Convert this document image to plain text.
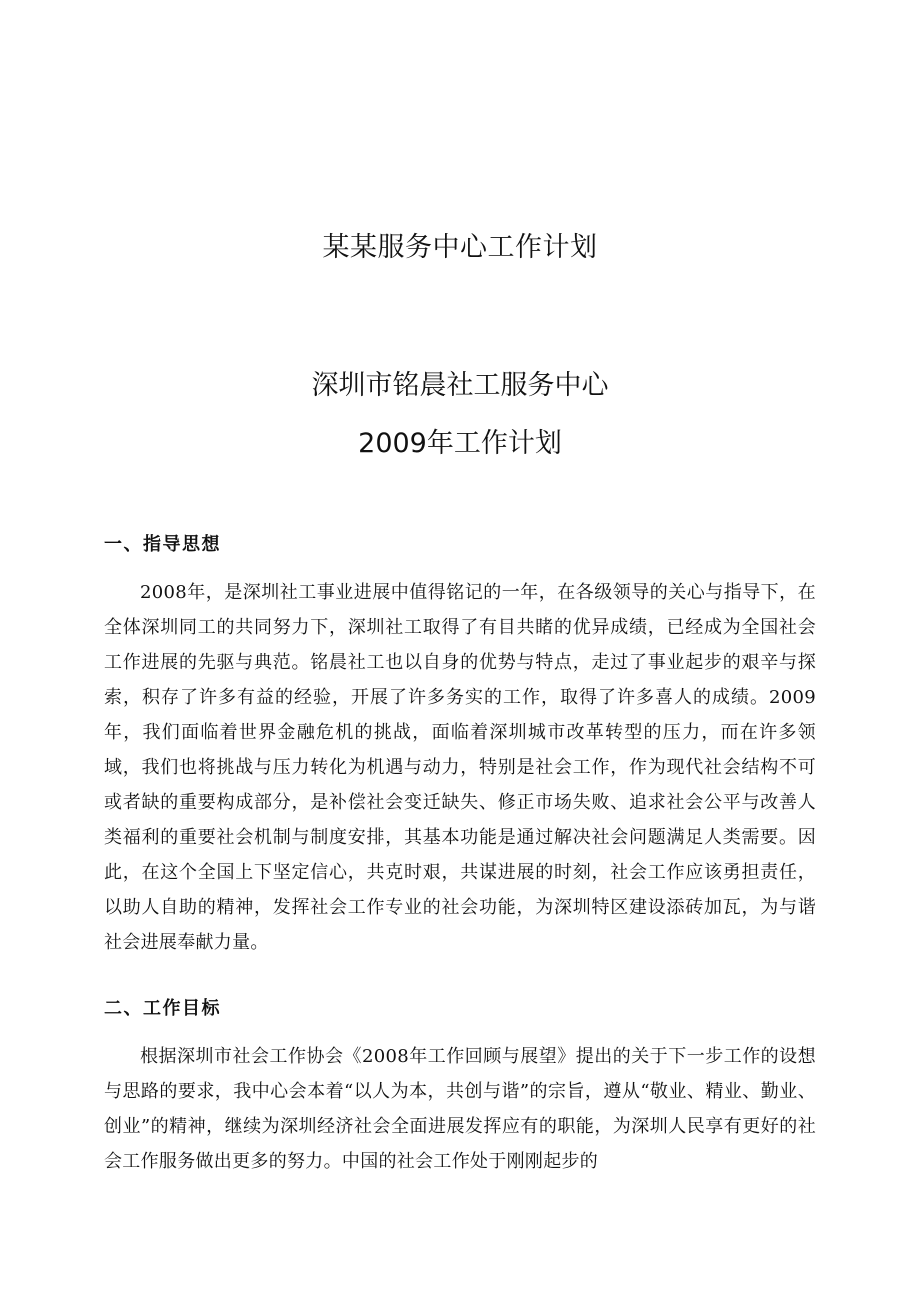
某某服务中心工作计划
深圳市铭晨社工服务中心
2009年工作计划
一、指导思想

2008年，是深圳社工事业进展中值得铭记的一年，在各级领导的关心与指导下，在全体深圳同工的共同努力下，深圳社工取得了有目共睹的优异成绩，已经成为全国社会工作进展的先驱与典范。铭晨社工也以自身的优势与特点，走过了事业起步的艰辛与探索，积存了许多有益的经验，开展了许多务实的工作，取得了许多喜人的成绩。2009年，我们面临着世界金融危机的挑战，面临着深圳城市改革转型的压力，而在许多领域，我们也将挑战与压力转化为机遇与动力，特别是社会工作，作为现代社会结构不可或者缺的重要构成部分，是补偿社会变迁缺失、修正市场失败、追求社会公平与改善人类福利的重要社会机制与制度安排，其基本功能是通过解决社会问题满足人类需要。因此，在这个全国上下坚定信心，共克时艰，共谋进展的时刻，社会工作应该勇担责任，以助人自助的精神，发挥社会工作专业的社会功能，为深圳特区建设添砖加瓦，为与谐社会进展奉献力量。

二、工作目标

根据深圳市社会工作协会《2008年工作回顾与展望》提出的关于下一步工作的设想与思路的要求，我中心会本着“以人为本，共创与谐”的宗旨，遵从“敬业、精业、勤业、创业”的精神，继续为深圳经济社会全面进展发挥应有的职能，为深圳人民享有更好的社会工作服务做出更多的努力。中国的社会工作处于刚刚起步的
